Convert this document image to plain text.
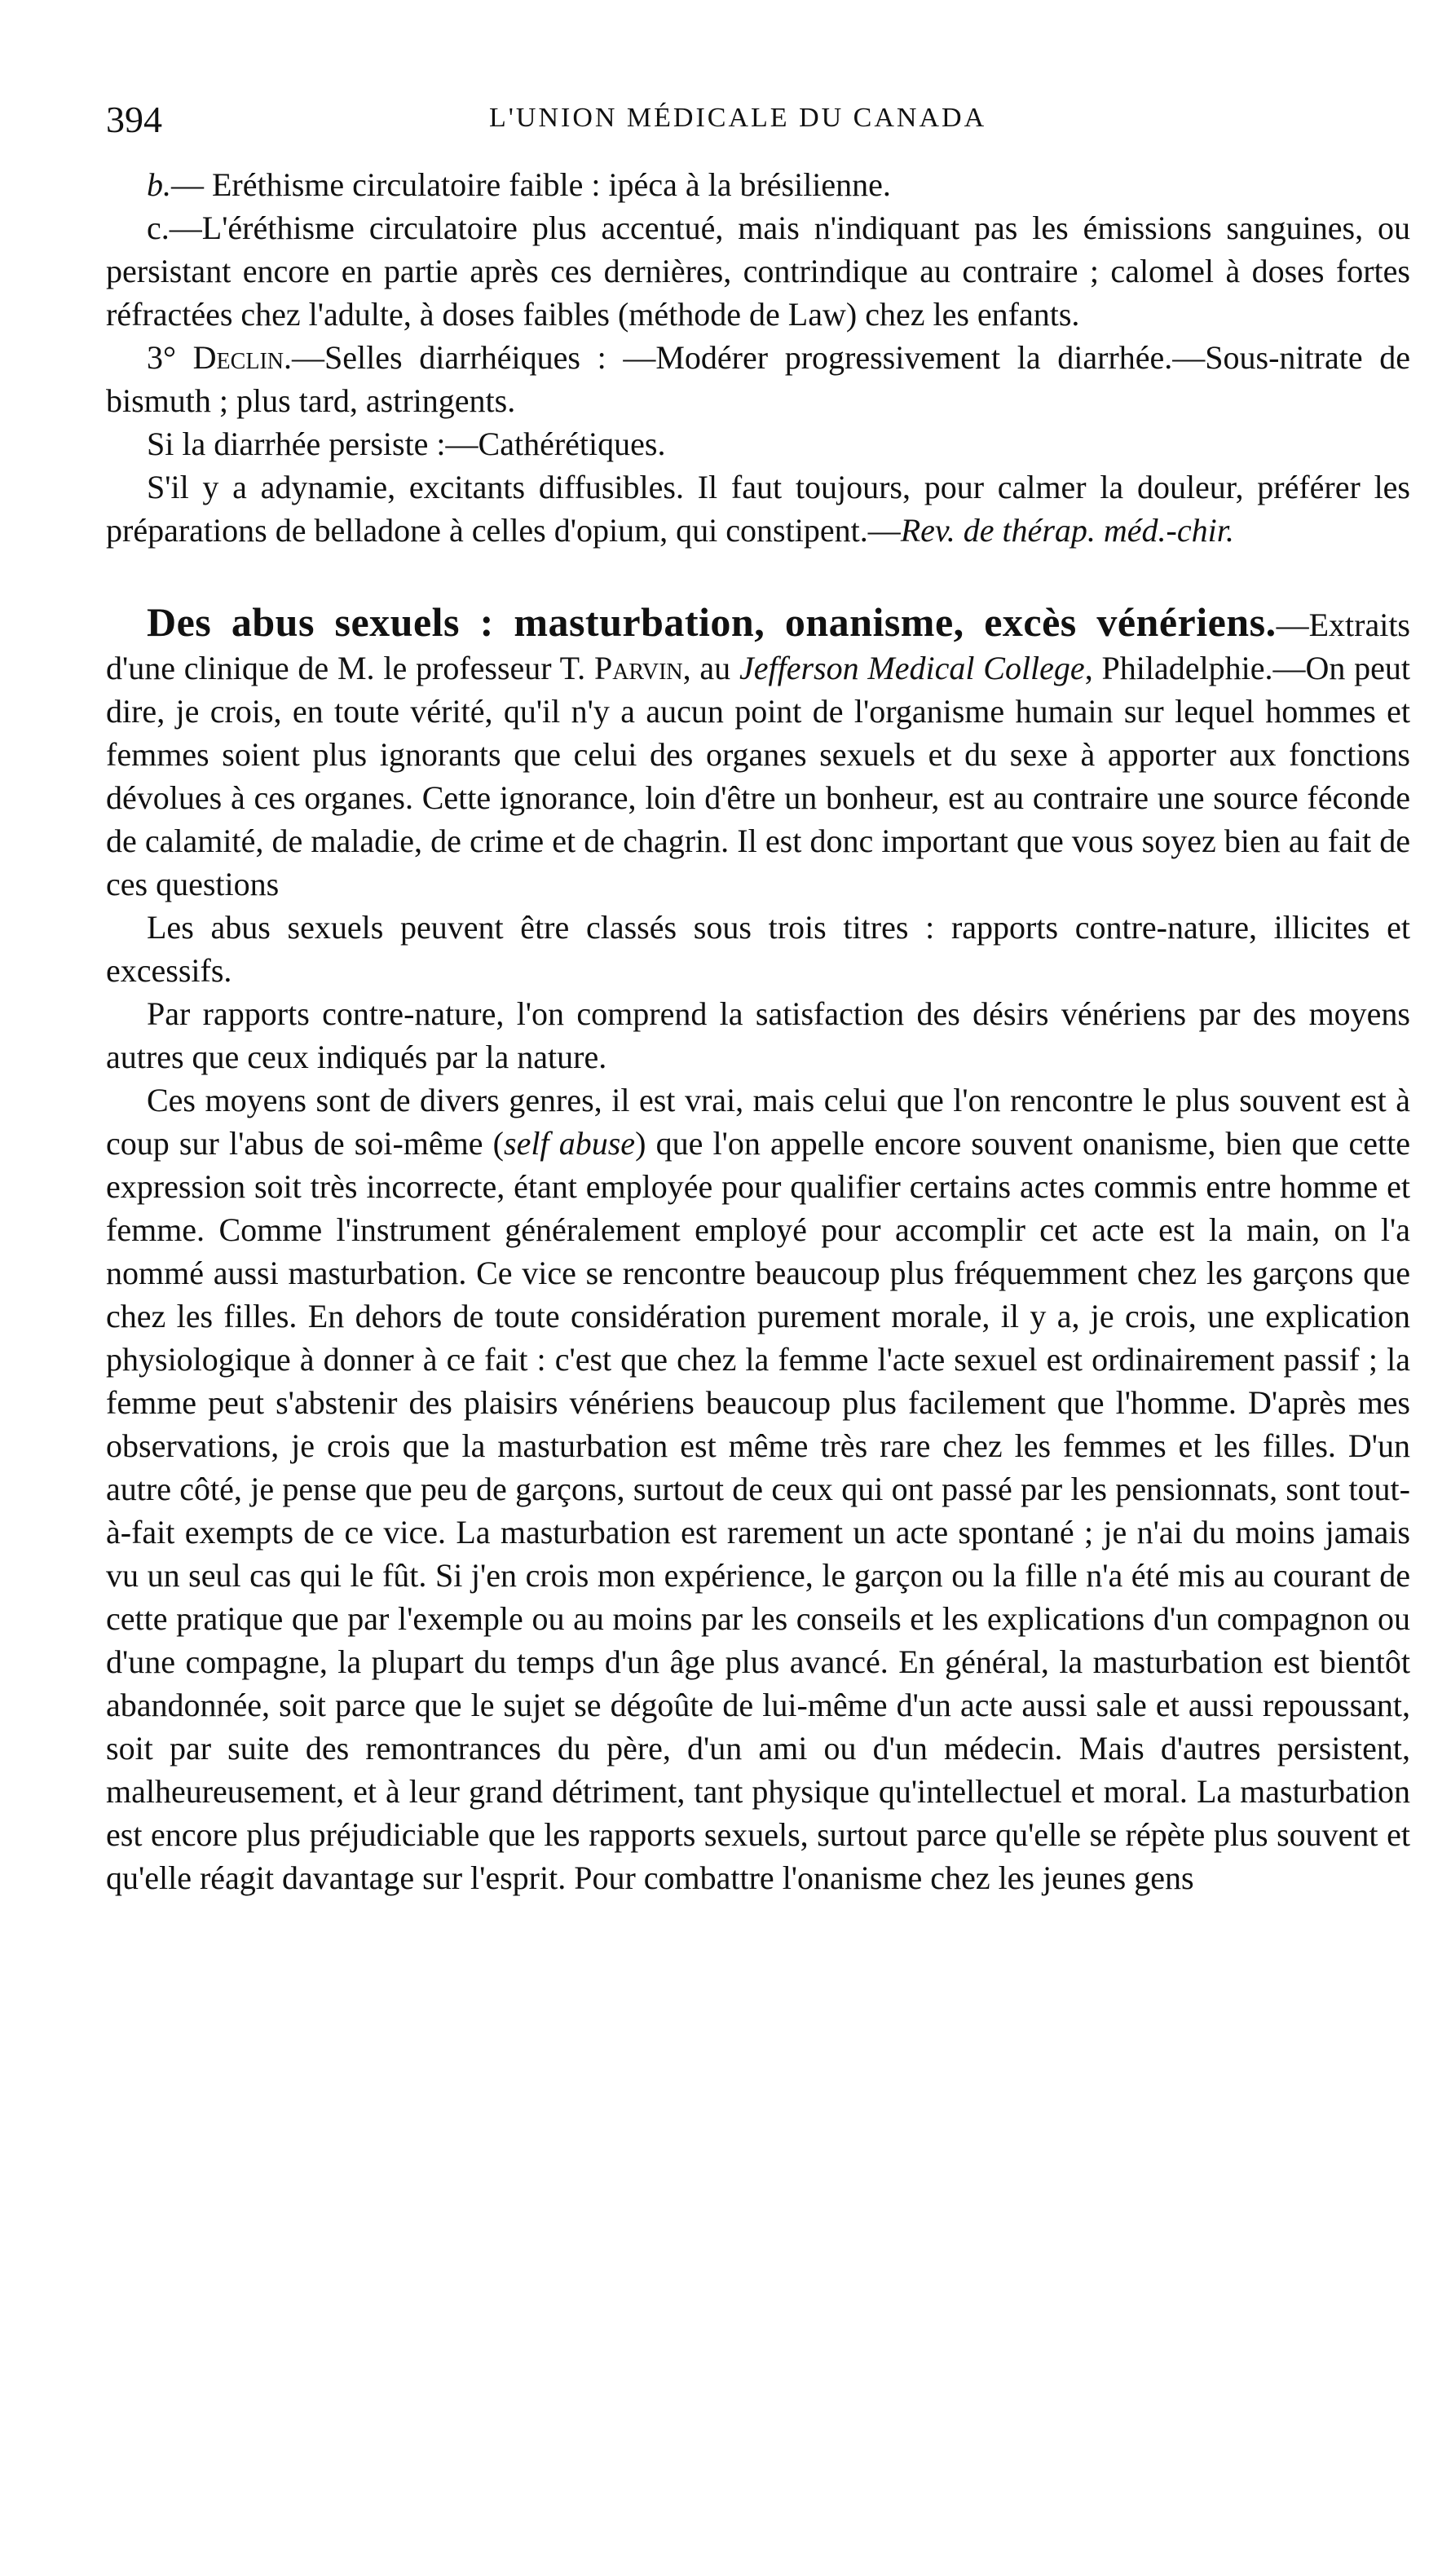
394	L'UNION MÉDICALE DU CANADA

b.— Eréthisme circulatoire faible : ipéca à la brésilienne.

c.—L'éréthisme circulatoire plus accentué, mais n'indiquant pas les émissions sanguines, ou persistant encore en partie après ces dernières, contrindique au contraire ; calomel à doses fortes réfractées chez l'adulte, à doses faibles (méthode de Law) chez les enfants.

3° Declin.—Selles diarrhéiques : —Modérer progressivement la diarrhée.—Sous-nitrate de bismuth ; plus tard, astringents.

Si la diarrhée persiste :—Cathérétiques.

S'il y a adynamie, excitants diffusibles. Il faut toujours, pour calmer la douleur, préférer les préparations de belladone à celles d'opium, qui constipent.—Rev. de thérap. méd.-chir.

Des abus sexuels : masturbation, onanisme, excès vénériens.—Extraits d'une clinique de M. le professeur T. Parvin, au Jefferson Medical College, Philadelphie.—On peut dire, je crois, en toute vérité, qu'il n'y a aucun point de l'organisme humain sur lequel hommes et femmes soient plus ignorants que celui des organes sexuels et du sexe à apporter aux fonctions dévolues à ces organes. Cette ignorance, loin d'être un bonheur, est au contraire une source féconde de calamité, de maladie, de crime et de chagrin. Il est donc important que vous soyez bien au fait de ces questions

Les abus sexuels peuvent être classés sous trois titres : rapports contre-nature, illicites et excessifs.

Par rapports contre-nature, l'on comprend la satisfaction des désirs vénériens par des moyens autres que ceux indiqués par la nature.

Ces moyens sont de divers genres, il est vrai, mais celui que l'on rencontre le plus souvent est à coup sur l'abus de soi-même (self abuse) que l'on appelle encore souvent onanisme, bien que cette expression soit très incorrecte, étant employée pour qualifier certains actes commis entre homme et femme. Comme l'instrument généralement employé pour accomplir cet acte est la main, on l'a nommé aussi masturbation. Ce vice se rencontre beaucoup plus fréquemment chez les garçons que chez les filles. En dehors de toute considération purement morale, il y a, je crois, une explication physiologique à donner à ce fait : c'est que chez la femme l'acte sexuel est ordinairement passif ; la femme peut s'abstenir des plaisirs vénériens beaucoup plus facilement que l'homme. D'après mes observations, je crois que la masturbation est même très rare chez les femmes et les filles. D'un autre côté, je pense que peu de garçons, surtout de ceux qui ont passé par les pensionnats, sont tout-à-fait exempts de ce vice. La masturbation est rarement un acte spontané ; je n'ai du moins jamais vu un seul cas qui le fût. Si j'en crois mon expérience, le garçon ou la fille n'a été mis au courant de cette pratique que par l'exemple ou au moins par les conseils et les explications d'un compagnon ou d'une compagne, la plupart du temps d'un âge plus avancé. En général, la masturbation est bientôt abandonnée, soit parce que le sujet se dégoûte de lui-même d'un acte aussi sale et aussi repoussant, soit par suite des remontrances du père, d'un ami ou d'un médecin. Mais d'autres persistent, malheureusement, et à leur grand détriment, tant physique qu'intellectuel et moral. La masturbation est encore plus préjudiciable que les rapports sexuels, surtout parce qu'elle se répète plus souvent et qu'elle réagit davantage sur l'esprit. Pour combattre l'onanisme chez les jeunes gens
